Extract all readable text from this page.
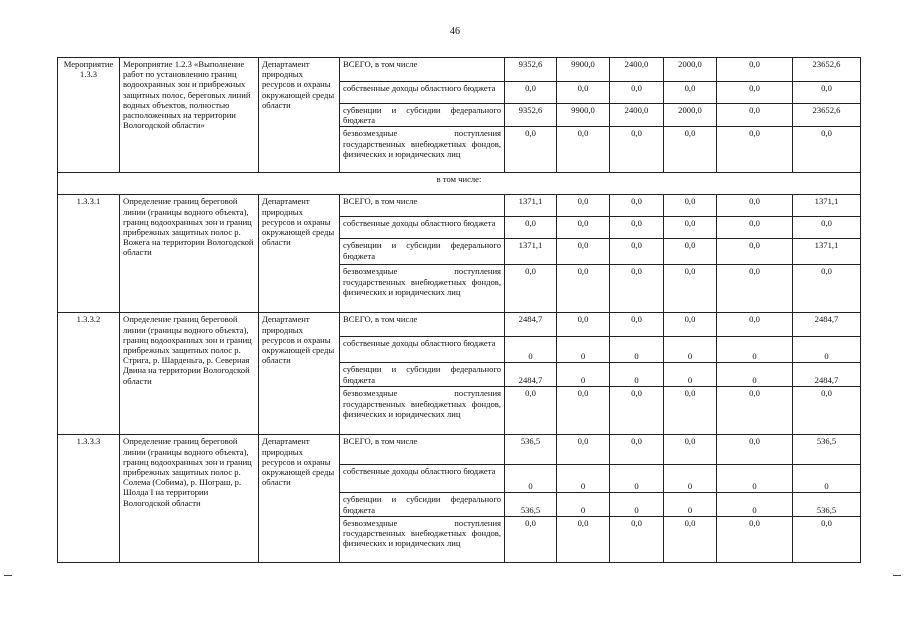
46
Мероприятие 1.3.3	Мероприятие 1.2.3 «Выполнение работ по установлению границ водоохранных зон и прибрежных защитных полос, береговых линий водных объектов, полностью расположенных на территории Вологодской области»	Департамент природных ресурсов и охраны окружающей среды области	ВСЕГО, в том числе	9352,6	9900,0	2400,0	2000,0	0,0	23652,6
			собственные доходы областного бюджета	0,0	0,0	0,0	0,0	0,0	0,0
			субвенции и субсидии федерального бюджета	9352,6	9900,0	2400,0	2000,0	0,0	23652,6
			безвозмездные поступления государственных внебюджетных фондов, физических и юридических лиц	0,0	0,0	0,0	0,0	0,0	0,0
в том числе:									
1.3.3.1	Определение границ береговой линии (границы водного объекта), границ водоохранных зон и границ прибрежных защитных полос р. Вожега на территории Вологодской области	Департамент природных ресурсов и охраны окружающей среды области	ВСЕГО, в том числе	1371,1	0,0	0,0	0,0	0,0	1371,1
			собственные доходы областного бюджета	0,0	0,0	0,0	0,0	0,0	0,0
			субвенции и субсидии федерального бюджета	1371,1	0,0	0,0	0,0	0,0	1371,1
			безвозмездные поступления государственных внебюджетных фондов, физических и юридических лиц	0,0	0,0	0,0	0,0	0,0	0,0
1.3.3.2	Определение границ береговой линии (границы водного объекта), границ водоохранных зон и границ прибрежных защитных полос р. Стрига, р. Шарденьга, р. Северная Двина на территории Вологодской области	Департамент природных ресурсов и охраны окружающей среды области	ВСЕГО, в том числе	2484,7	0,0	0,0	0,0	0,0	2484,7
			собственные доходы областного бюджета	0	0	0	0	0	0
			субвенции и субсидии федерального бюджета	2484,7	0	0	0	0	2484,7
			безвозмездные поступления государственных внебюджетных фондов, физических и юридических лиц	0,0	0,0	0,0	0,0	0,0	0,0
1.3.3.3	Определение границ береговой линии (границы водного объекта), границ водоохранных зон и границ прибрежных защитных полос р. Солема (Собима), р. Шограш, р. Шолда I на территории Вологодской области	Департамент природных ресурсов и охраны окружающей среды области	ВСЕГО, в том числе	536,5	0,0	0,0	0,0	0,0	536,5
			собственные доходы областного бюджета	0	0	0	0	0	0
			субвенции и субсидии федерального бюджета	536,5	0	0	0	0	536,5
			безвозмездные поступления государственных внебюджетных фондов, физических и юридических лиц	0,0	0,0	0,0	0,0	0,0	0,0
